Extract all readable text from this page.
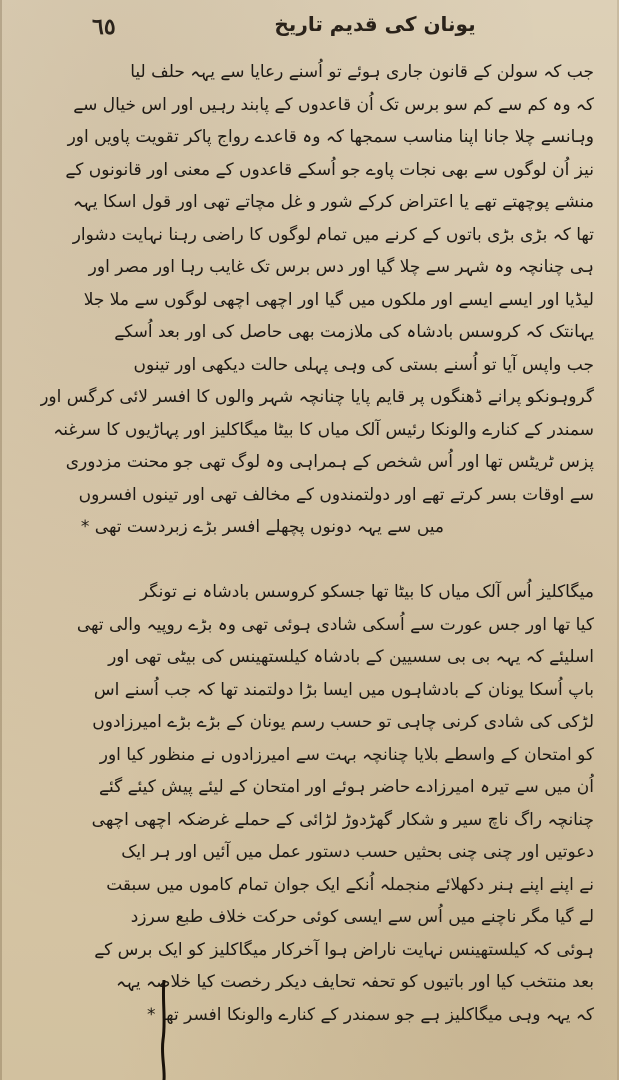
٦٥	یونان کی قدیم تاریخ
جب کہ سولن کے قانون جاری ہوئے تو اُسنے رعایا سے یہہ حلف لیا
کہ وہ کم سے کم سو برس تک اُن قاعدوں کے پابند رہیں اور اس خیال سے
وہانسے چلا جانا اپنا مناسب سمجھا کہ وہ قاعدے رواج پاکر تقویت پاویں اور
نیز اُن لوگوں سے بھی نجات پاوے جو اُسکے قاعدوں کے معنی اور قانونوں کے
منشے پوچھتے تھے یا اعتراض کرکے شور و غل مچاتے تھی اور قول اسکا یہہ
تھا کہ بڑی بڑی باتوں کے کرنے میں تمام لوگوں کا راضی رہنا نہایت دشوار
ہی چنانچہ وہ شہر سے چلا گیا اور دس برس تک غایب رہا اور مصر اور
لیڈیا اور ایسے ایسے اور ملکوں میں گیا اور اچھی اچھی لوگوں سے ملا جلا
یہانتک کہ کروسس بادشاہ کی ملازمت بھی حاصل کی اور بعد اُسکے
جب واپس آیا تو اُسنے بستی کی وہی پہلی حالت دیکھی اور تینوں
گروہونکو پرانے ڈھنگوں پر قایم پایا چنانچہ شہر والوں کا افسر لائی کرگس اور
سمندر کے کنارے والونکا رئیس آلک میاں کا بیٹا میگاکلیز اور پہاڑیوں کا سرغنہ
پزس ٹریٹس تھا اور اُس شخص کے ہمراہی وہ لوگ تھی جو محنت مزدوری
سے اوقات بسر کرتے تھے اور دولتمندوں کے مخالف تھی اور تینوں افسروں
میں سے یہہ دونوں پچھلے افسر بڑے زبردست تھی *
میگاکلیز اُس آلک میاں کا بیٹا تھا جسکو کروسس بادشاہ نے تونگر
کیا تھا اور جس عورت سے اُسکی شادی ہوئی تھی وہ بڑے روپیہ والی تھی
اسلیئے کہ یہہ بی بی سسیین کے بادشاہ کیلستھینس کی بیٹی تھی اور
باپ اُسکا یونان کے بادشاہوں میں ایسا بڑا دولتمند تھا کہ جب اُسنے اس
لڑکی کی شادی کرنی چاہی تو حسب رسم یونان کے بڑے بڑے امیرزادوں
کو امتحان کے واسطے بلایا چنانچہ بہت سے امیرزادوں نے منظور کیا اور
اُن میں سے تیرہ امیرزادے حاضر ہوئے اور امتحان کے لیئے پیش کیئے گئے
چنانچہ راگ ناچ سیر و شکار گھڑدوڑ لڑائی کے حملے غرضکہ اچھی اچھی
دعوتیں اور چنی چنی بحثیں حسب دستور عمل میں آئیں اور ہر ایک
نے اپنے اپنے ہنر دکھلائے منجملہ اُنکے ایک جوان تمام کاموں میں سبقت
لے گیا مگر ناچنے میں اُس سے ایسی کوئی حرکت خلاف طبع سرزد
ہوئی کہ کیلستھینس نہایت ناراض ہوا آخرکار میگاکلیز کو ایک برس کے
بعد منتخب کیا اور باتیوں کو تحفہ تحایف دیکر رخصت کیا خلاصہ یہہ
کہ یہہ وہی میگاکلیز ہے جو سمندر کے کنارے والونکا افسر تھا *
